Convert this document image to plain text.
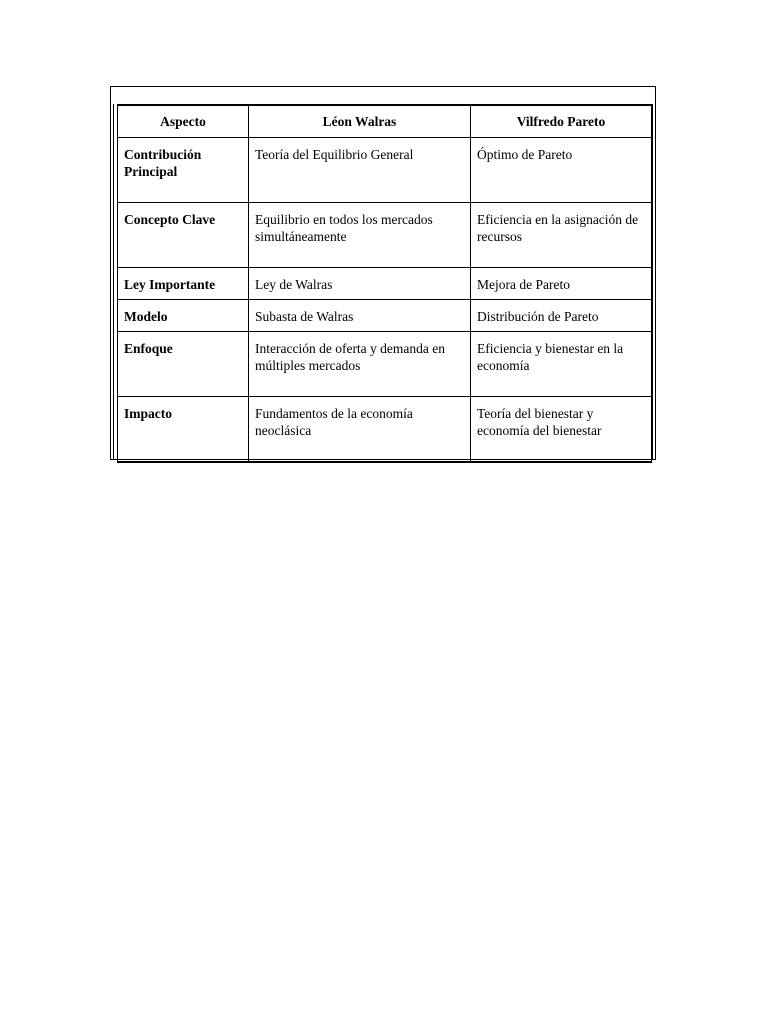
Aspecto	Léon Walras	Vilfredo Pareto
Contribución Principal	Teoría del Equilibrio General	Óptimo de Pareto
Concepto Clave	Equilibrio en todos los mercados simultáneamente	Eficiencia en la asignación de recursos
Ley Importante	Ley de Walras	Mejora de Pareto
Modelo	Subasta de Walras	Distribución de Pareto
Enfoque	Interacción de oferta y demanda en múltiples mercados	Eficiencia y bienestar en la economía
Impacto	Fundamentos de la economía neoclásica	Teoría del bienestar y economía del bienestar
